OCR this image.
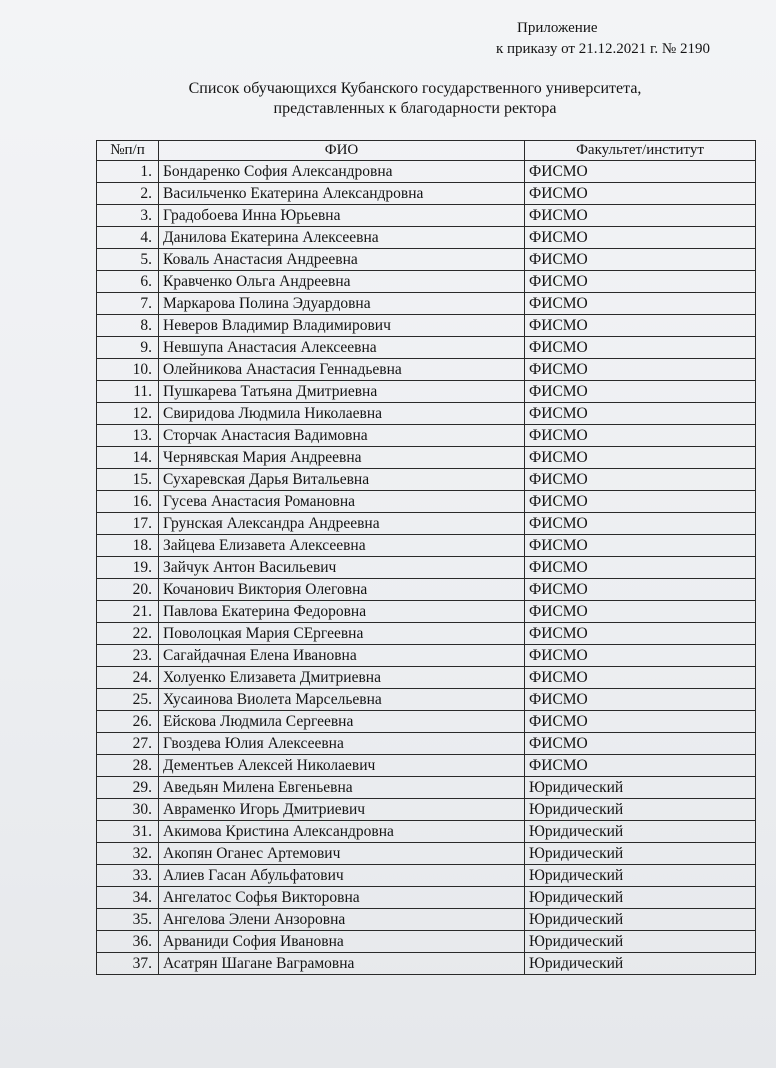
Приложение
к приказу от 21.12.2021 г. № 2190
Список обучающихся Кубанского государственного университета,
представленных к благодарности ректора
№п/п	ФИО	Факультет/институт
1.	Бондаренко София Александровна	ФИСМО
2.	Васильченко Екатерина Александровна	ФИСМО
3.	Градобоева Инна Юрьевна	ФИСМО
4.	Данилова Екатерина Алексеевна	ФИСМО
5.	Коваль Анастасия Андреевна	ФИСМО
6.	Кравченко Ольга Андреевна	ФИСМО
7.	Маркарова Полина Эдуардовна	ФИСМО
8.	Неверов Владимир Владимирович	ФИСМО
9.	Невшупа Анастасия Алексеевна	ФИСМО
10.	Олейникова Анастасия Геннадьевна	ФИСМО
11.	Пушкарева Татьяна Дмитриевна	ФИСМО
12.	Свиридова Людмила Николаевна	ФИСМО
13.	Сторчак Анастасия Вадимовна	ФИСМО
14.	Чернявская Мария Андреевна	ФИСМО
15.	Сухаревская Дарья Витальевна	ФИСМО
16.	Гусева Анастасия Романовна	ФИСМО
17.	Грунская Александра Андреевна	ФИСМО
18.	Зайцева Елизавета Алексеевна	ФИСМО
19.	Зайчук Антон Васильевич	ФИСМО
20.	Кочанович Виктория Олеговна	ФИСМО
21.	Павлова Екатерина Федоровна	ФИСМО
22.	Поволоцкая Мария СЕргеевна	ФИСМО
23.	Сагайдачная Елена Ивановна	ФИСМО
24.	Холуенко Елизавета Дмитриевна	ФИСМО
25.	Хусаинова Виолета Марсельевна	ФИСМО
26.	Ейскова Людмила Сергеевна	ФИСМО
27.	Гвоздева Юлия Алексеевна	ФИСМО
28.	Дементьев Алексей Николаевич	ФИСМО
29.	Аведьян Милена Евгеньевна	Юридический
30.	Авраменко Игорь Дмитриевич	Юридический
31.	Акимова Кристина Александровна	Юридический
32.	Акопян Оганес Артемович	Юридический
33.	Алиев Гасан Абульфатович	Юридический
34.	Ангелатос Софья Викторовна	Юридический
35.	Ангелова Элени Анзоровна	Юридический
36.	Арваниди София Ивановна	Юридический
37.	Асатрян Шагане Ваграмовна	Юридический
